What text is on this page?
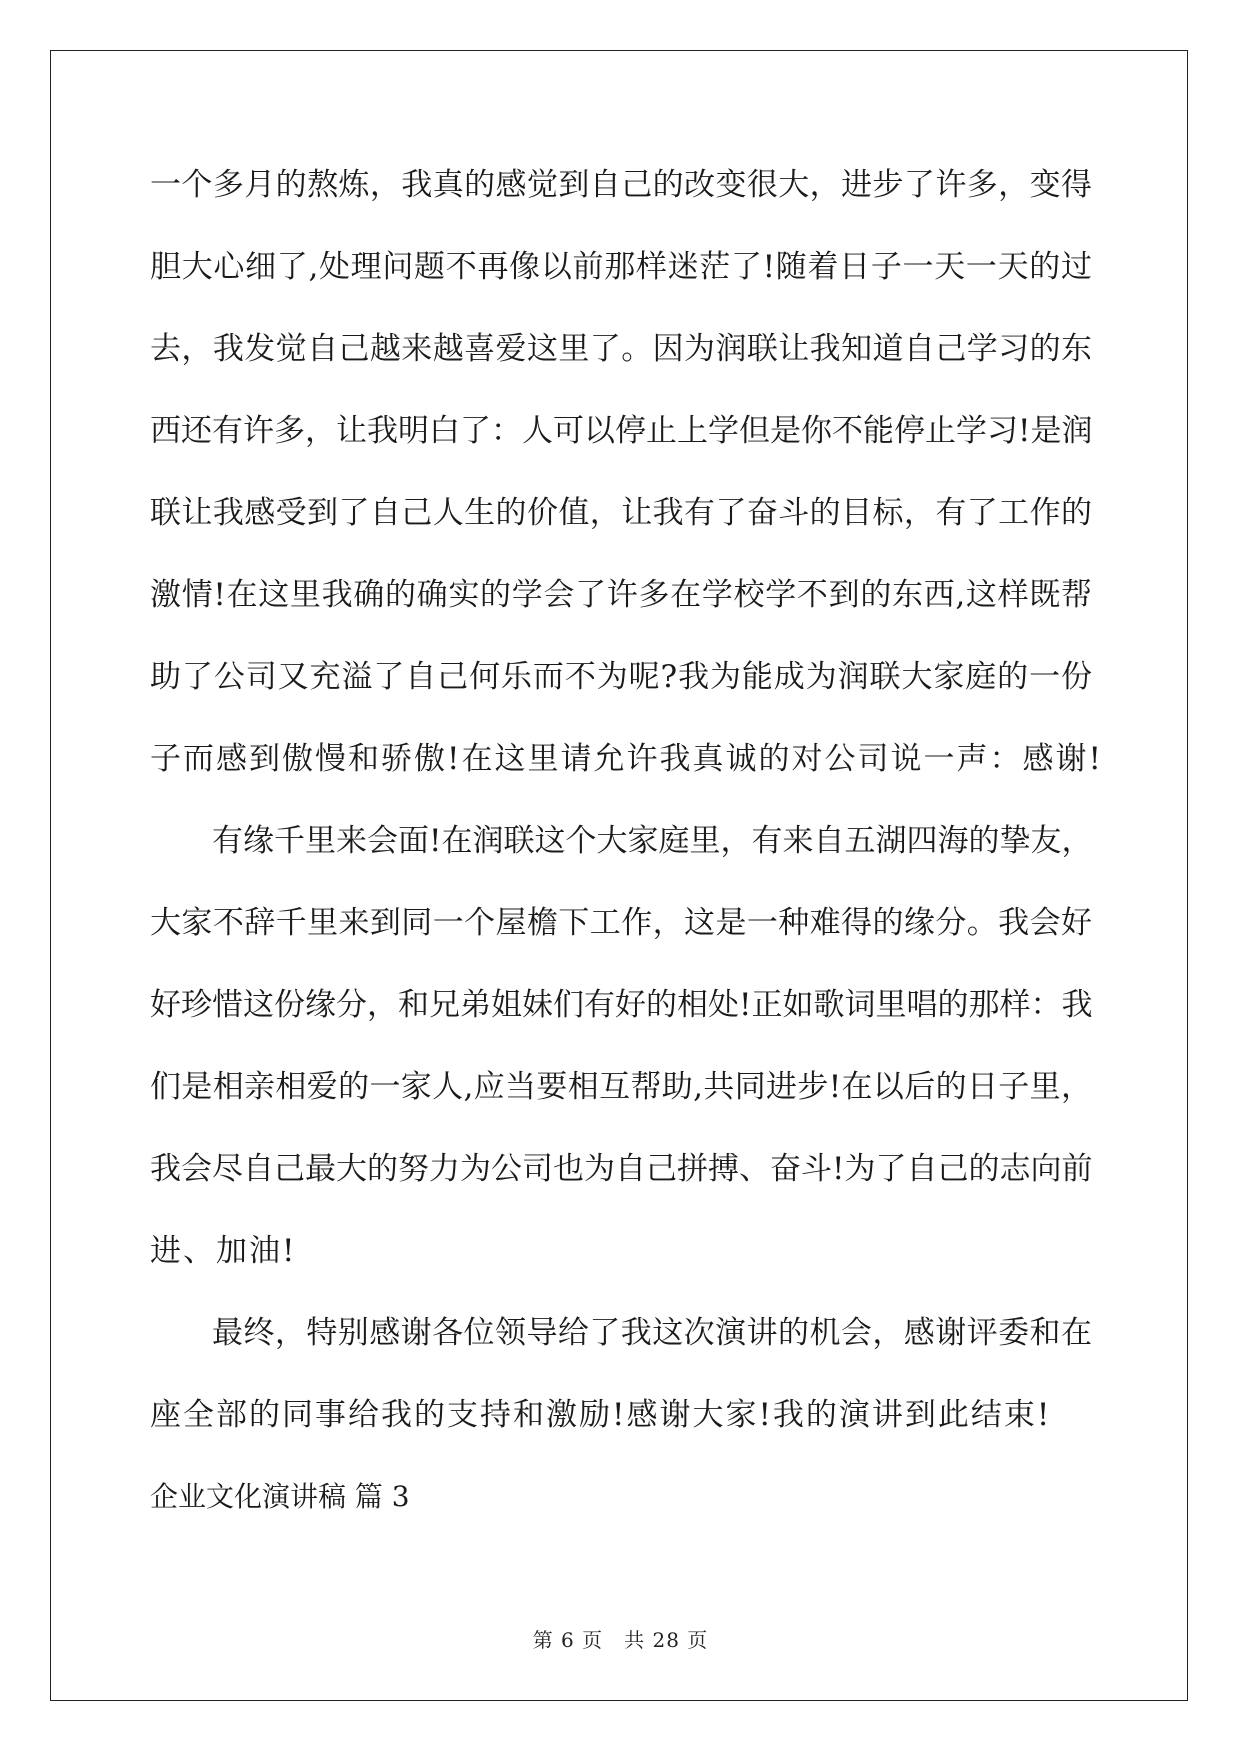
一个多月的熬炼，我真的感觉到自己的改变很大，进步了许多，变得
胆大心细了,处理问题不再像以前那样迷茫了!随着日子一天一天的过
去，我发觉自己越来越喜爱这里了。因为润联让我知道自己学习的东
西还有许多，让我明白了：人可以停止上学但是你不能停止学习!是润
联让我感受到了自己人生的价值，让我有了奋斗的目标，有了工作的
激情!在这里我确的确实的学会了许多在学校学不到的东西,这样既帮
助了公司又充溢了自己何乐而不为呢?我为能成为润联大家庭的一份
子而感到傲慢和骄傲!在这里请允许我真诚的对公司说一声：感谢!
有缘千里来会面!在润联这个大家庭里，有来自五湖四海的挚友，
大家不辞千里来到同一个屋檐下工作，这是一种难得的缘分。我会好
好珍惜这份缘分，和兄弟姐妹们有好的相处!正如歌词里唱的那样：我
们是相亲相爱的一家人,应当要相互帮助,共同进步!在以后的日子里，
我会尽自己最大的努力为公司也为自己拼搏、奋斗!为了自己的志向前
进、加油!
最终，特别感谢各位领导给了我这次演讲的机会，感谢评委和在
座全部的同事给我的支持和激励!感谢大家!我的演讲到此结束!
企业文化演讲稿 篇 3
第 6 页　共 28 页
